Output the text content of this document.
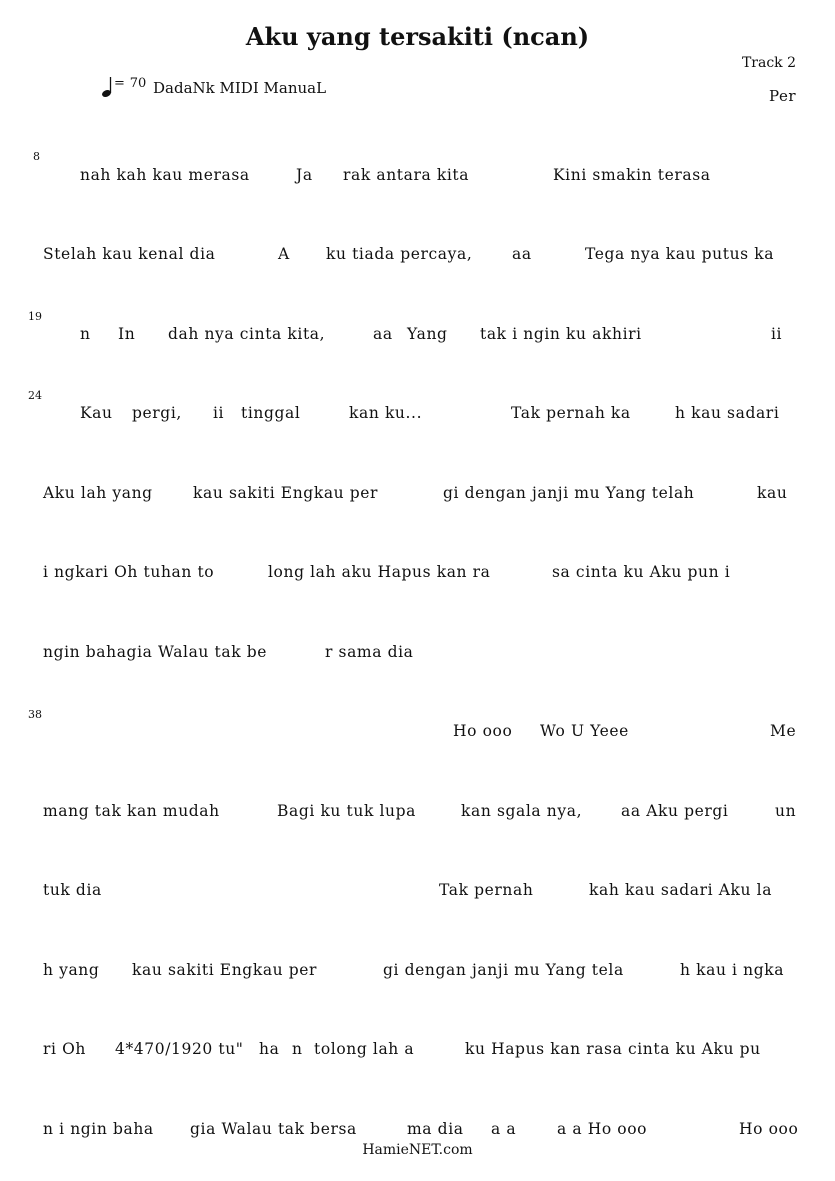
Aku yang tersakiti (ncan)
Track 2
= 70 DadaNk MIDI ManuaL	Per
8
19
24
38
nah kah kau merasa	Ja rak antara kita	Kini smakin terasa
Stelah kau kenal dia	A ku tiada percaya,	aa	Tega nya kau putus ka
n In dah nya cinta kita,	aa Yang tak i ngin ku akhiri	ii
Kau pergi, ii tinggal	kan ku...	Tak pernah ka	h kau sadari
Aku lah yang	kau sakiti Engkau per	gi dengan janji mu Yang telah	kau
i ngkari Oh tuhan to	long lah aku Hapus kan ra	sa cinta ku Aku pun i
ngin bahagia Walau tak be	r sama dia
Ho ooo Wo U Yeee	Me
mang tak kan mudah	Bagi ku tuk lupa	kan sgala nya,	aa Aku pergi	un
tuk dia	Tak pernah	kah kau sadari Aku la
h yang kau sakiti Engkau per	gi dengan janji mu Yang tela	h kau i ngka
ri Oh 4*470/1920 tu" ha n tolong lah a	ku Hapus kan rasa cinta ku Aku pu
n i ngin baha gia Walau tak bersa	ma dia a a	a a Ho ooo	Ho ooo
HamieNET.com
